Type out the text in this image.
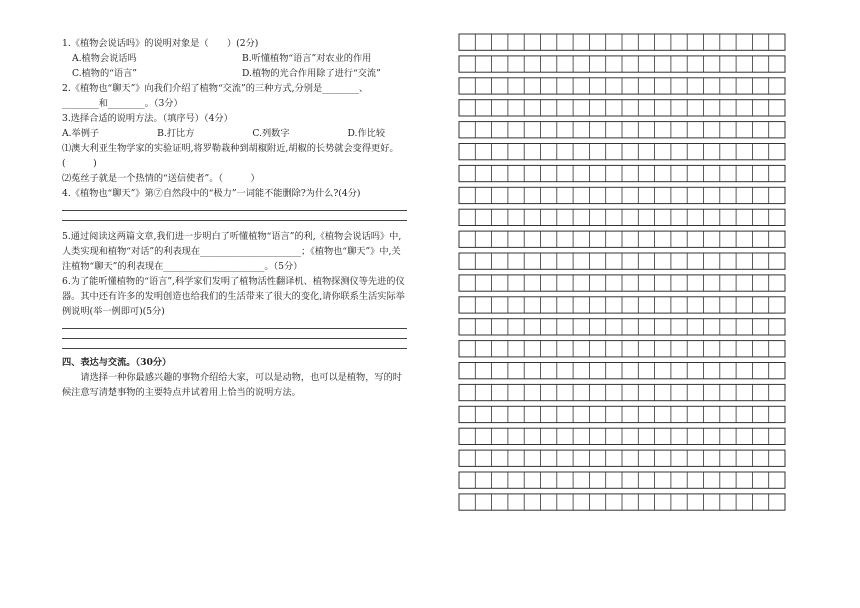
1.《植物会说话吗》的说明对象是（　　）(2分)

A.植物会说话吗	B.听懂植物“语言”对农业的作用
C.植物的“语言”	D.植物的光合作用除了进行“交流”

2.《植物也“聊天”》向我们介绍了植物“交流”的三种方式,分别是________、

________和________。（3分）

3.选择合适的说明方法。（填序号）（4分）

A.举例子	B.打比方	C.列数字	D.作比较

⑴澳大利亚生物学家的实验证明,将罗勒栽种到胡椒附近,胡椒的长势就会变得更好。(　　　)

⑵菟丝子就是一个热情的“送信使者”。（　　　）

4.《植物也“聊天”》第⑦自然段中的“极力”一词能不能删除?为什么?(4分)

5.通过阅读这两篇文章,我们进一步明白了听懂植物“语言”的利,《植物会说话吗》中,人类实现和植物“对话”的利表现在______________________；《植物也“聊天”》中,关注植物“聊天”的利表现在______________________。（5分）

6.为了能听懂植物的“语言”,科学家们发明了植物活性翻译机、植物探测仪等先进的仪器。其中还有许多的发明创造也给我们的生活带来了很大的变化,请你联系生活实际举例说明(举一例即可)(5分)

四、表达与交流。（30分）

请选择一种你最感兴趣的事物介绍给大家，可以是动物，也可以是植物，写的时候注意写清楚事物的主要特点并试着用上恰当的说明方法。
